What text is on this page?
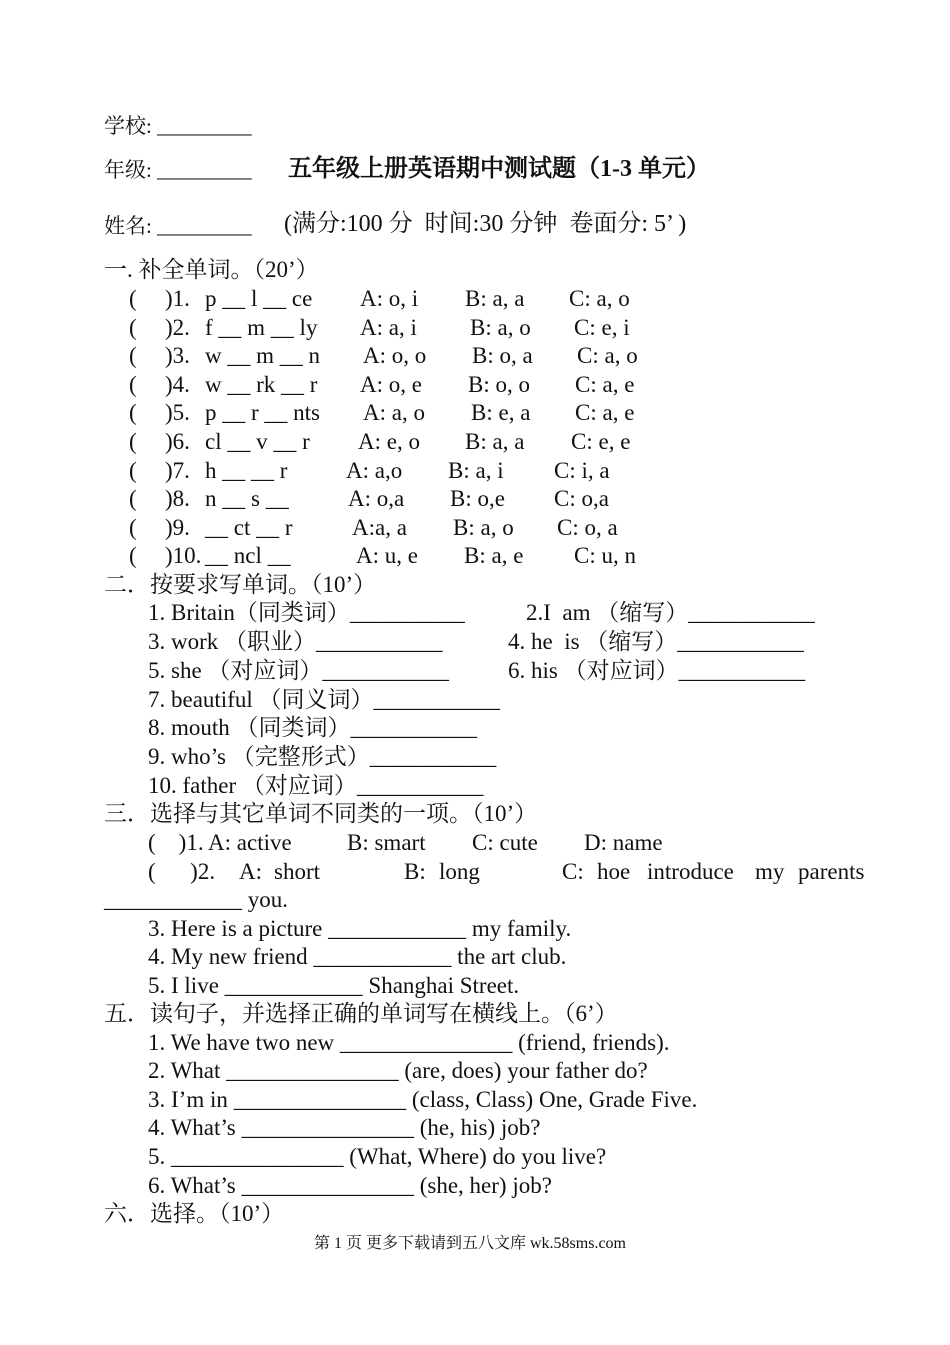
学校: _________
年级: _________ 五年级上册英语期中测试题（1-3 单元）
姓名: _________ (满分:100 分  时间:30 分钟  卷面分: 5’ )
一. 补全单词。（20’）
( )1. p __ l __ ce A: o, i B: a, a C: a, o
( )2. f __ m __ ly A: a, i B: a, o C: e, i
( )3. w __ m __ n A: o, o B: o, a C: a, o
( )4. w __ rk __ r A: o, e B: o, o C: a, e
( )5. p __ r __ nts A: a, o B: e, a C: a, e
( )6. cl __ v __ r A: e, o B: a, a C: e, e
( )7. h __ __ r	A: a,o B: a, i C: i, a
( )8. n __ s __	A: o,a B: o,e C: o,a
( )9. __ ct __ r	A:a, a B: a, o C: o, a
( )10. __ ncl __	A: u, e B: a, e C: u, n
二．按要求写单词。（10’）
1. Britain（同类词）__________	2.I  am （缩写）___________
3. work （职业）___________	4. he  is （缩写）___________
5. she （对应词）___________	6. his （对应词）___________
7. beautiful （同义词）___________
8. mouth （同类词）___________
9. who’s （完整形式）___________
10. father （对应词）___________
三．选择与其它单词不同类的一项。（10’）
(    )1. A: active B: smart C: cute D: name
(      )2. A: short	B: long	C: hoe introduce my parents
____________ you.
3. Here is a picture ____________ my family.
4. My new friend ____________ the art club.
5. I live ____________ Shanghai Street.
五．读句子，并选择正确的单词写在横线上。（6’）
1. We have two new _______________ (friend, friends).
2. What _______________ (are, does) your father do?
3. I’m in _______________ (class, Class) One, Grade Five.
4. What’s _______________ (he, his) job?
5. _______________ (What, Where) do you live?
6. What’s _______________ (she, her) job?
六．选择。（10’）
第 1 页 更多下载请到五八文库 wk.58sms.com
